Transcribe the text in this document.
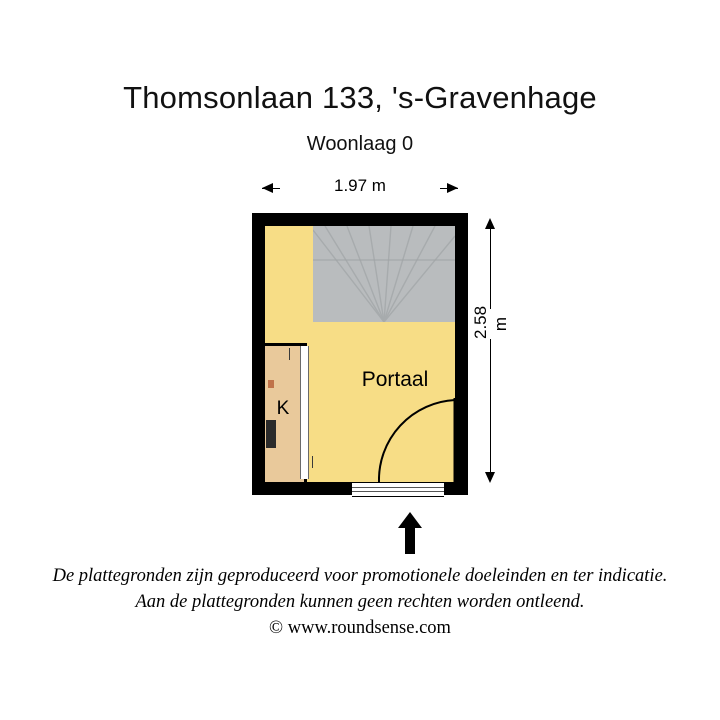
Thomsonlaan 133, 's-Gravenhage
Woonlaag 0
1.97 m
2.58 m
K
Portaal
De plattegronden zijn geproduceerd voor promotionele doeleinden en ter indicatie.
Aan de plattegronden kunnen geen rechten worden ontleend.
© www.roundsense.com
